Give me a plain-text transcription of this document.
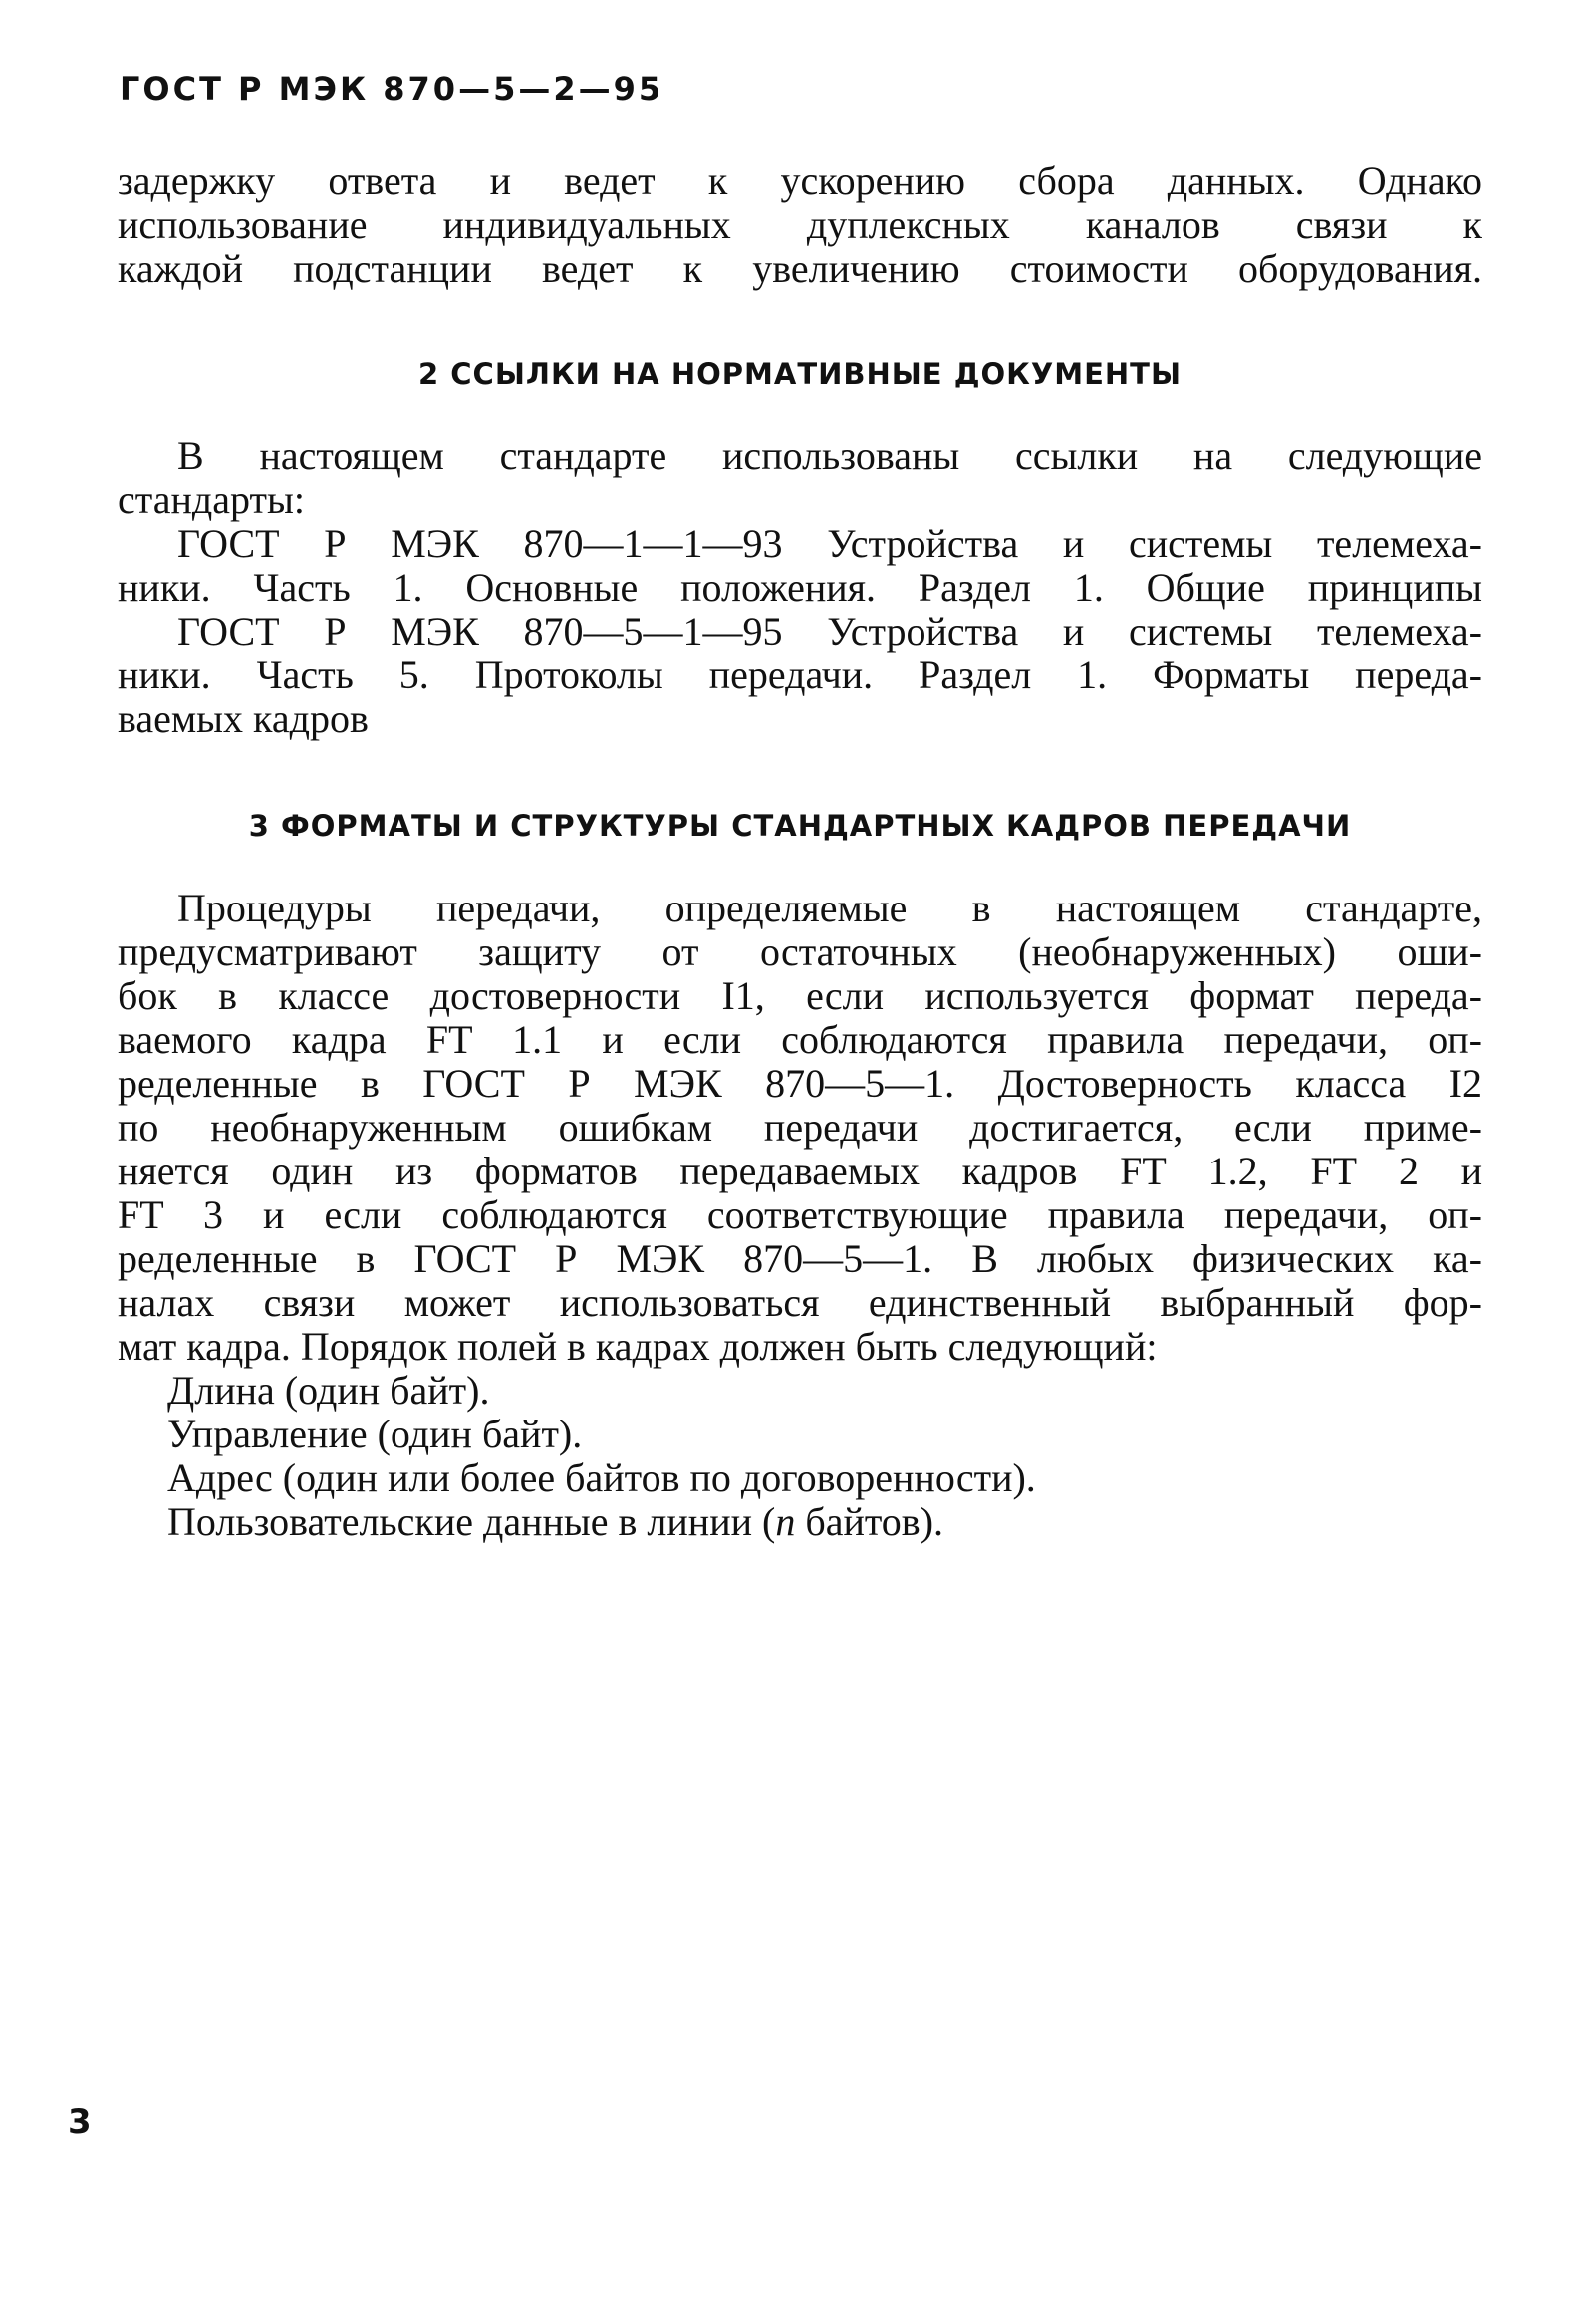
ГОСТ Р МЭК 870—5—2—95
задержку ответа и ведет к ускорению сбора данных. Однако
использование индивидуальных дуплексных каналов связи к
каждой подстанции ведет к увеличению стоимости оборудования.
2 ССЫЛКИ НА НОРМАТИВНЫЕ ДОКУМЕНТЫ
В настоящем стандарте использованы ссылки на следующие
стандарты:
ГОСТ Р МЭК 870—1—1—93 Устройства и системы телемеха-
ники. Часть 1. Основные положения. Раздел 1. Общие принципы
ГОСТ Р МЭК 870—5—1—95 Устройства и системы телемеха-
ники. Часть 5. Протоколы передачи. Раздел 1. Форматы переда-
ваемых кадров
3 ФОРМАТЫ И СТРУКТУРЫ СТАНДАРТНЫХ КАДРОВ ПЕРЕДАЧИ
Процедуры передачи, определяемые в настоящем стандарте,
предусматривают защиту от остаточных (необнаруженных) оши-
бок в классе достоверности I1, если используется формат переда-
ваемого кадра FT 1.1 и если соблюдаются правила передачи, оп-
ределенные в ГОСТ Р МЭК 870—5—1. Достоверность класса I2
по необнаруженным ошибкам передачи достигается, если приме-
няется один из форматов передаваемых кадров FT 1.2, FT 2 и
FT 3 и если соблюдаются соответствующие правила передачи, оп-
ределенные в ГОСТ Р МЭК 870—5—1. В любых физических ка-
налах связи может использоваться единственный выбранный фор-
мат кадра. Порядок полей в кадрах должен быть следующий:
Длина (один байт).
Управление (один байт).
Адрес (один или более байтов по договоренности).
Пользовательские данные в линии (n байтов).
3
